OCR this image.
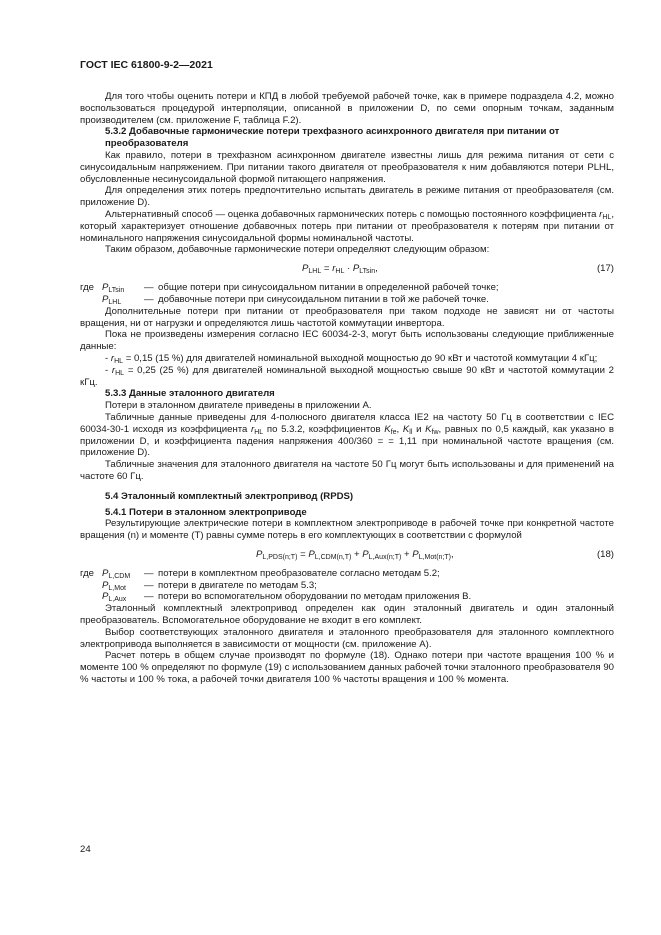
ГОСТ IEC 61800-9-2—2021

Для того чтобы оценить потери и КПД в любой требуемой рабочей точке, как в примере подраздела 4.2, можно воспользоваться процедурой интерполяции, описанной в приложении D, по семи опорным точкам, заданным производителем (см. приложение F, таблица F.2).

5.3.2 Добавочные гармонические потери трехфазного асинхронного двигателя при питании от преобразователя

Как правило, потери в трехфазном асинхронном двигателе известны лишь для режима питания от сети с синусоидальным напряжением. При питании такого двигателя от преобразователя к ним добавляются потери PLHL, обусловленные несинусоидальной формой питающего напряжения.

Для определения этих потерь предпочтительно испытать двигатель в режиме питания от преобразователя (см. приложение D).

Альтернативный способ — оценка добавочных гармонических потерь с помощью постоянного коэффициента $r_{HL}$, который характеризует отношение добавочных потерь при питании от преобразователя к потерям при питании от номинального напряжения синусоидальной формы номинальной частоты.

Таким образом, добавочные гармонические потери определяют следующим образом:

$P_{LHL} = r_{HL} \cdot P_{LTsin}$,	(17)
где $P_{LTsin}$	— общие потери при синусоидальном питании в определенной рабочей точке;
$P_{LHL}$	— добавочные потери при синусоидальном питании в той же рабочей точке.

Дополнительные потери при питании от преобразователя при таком подходе не зависят ни от частоты вращения, ни от нагрузки и определяются лишь частотой коммутации инвертора.

Пока не произведены измерения согласно IEC 60034-2-3, могут быть использованы следующие приближенные данные:

- $r_{HL} = 0,15$ (15 %) для двигателей номинальной выходной мощностью до 90 кВт и частотой коммутации 4 кГц;

- $r_{HL} = 0,25$ (25 %) для двигателей номинальной выходной мощностью свыше 90 кВт и частотой коммутации 2 кГц.

5.3.3 Данные эталонного двигателя

Потери в эталонном двигателе приведены в приложении А.

Табличные данные приведены для 4-полюсного двигателя класса IE2 на частоту 50 Гц в соответствии с IEC 60034-30-1 исходя из коэффициента $r_{HL}$ по 5.3.2, коэффициентов $K_{fe}$, $K_{ll}$ и $K_{fw}$, равных по 0,5 каждый, как указано в приложении D, и коэффициента падения напряжения 400/360 = = 1,11 при номинальной частоте вращения (см. приложение D).

Табличные значения для эталонного двигателя на частоте 50 Гц могут быть использованы и для применений на частоте 60 Гц.

5.4 Эталонный комплектный электропривод (RPDS)

5.4.1 Потери в эталонном электроприводе

Результирующие электрические потери в комплектном электроприводе в рабочей точке при конкретной частоте вращения (n) и моменте (T) равны сумме потерь в его комплектующих в соответствии с формулой

$P_{L,PDS(n;T)} = P_{L,CDM(n,T)} + P_{L,Aux(n;T)} + P_{L,Mot(n;T)}$,	(18)
где $P_{L,CDM}$	— потери в комплектном преобразователе согласно методам 5.2;
$P_{L,Mot}$	— потери в двигателе по методам 5.3;
$P_{L,Aux}$	— потери во вспомогательном оборудовании по методам приложения В.

Эталонный комплектный электропривод определен как один эталонный двигатель и один эталонный преобразователь. Вспомогательное оборудование не входит в его комплект.

Выбор соответствующих эталонного двигателя и эталонного преобразователя для эталонного комплектного электропривода выполняется в зависимости от мощности (см. приложение А).

Расчет потерь в общем случае производят по формуле (18). Однако потери при частоте вращения 100 % и моменте 100 % определяют по формуле (19) с использованием данных рабочей точки эталонного преобразователя 90 % частоты и 100 % тока, а рабочей точки двигателя 100 % частоты вращения и 100 % момента.

24
